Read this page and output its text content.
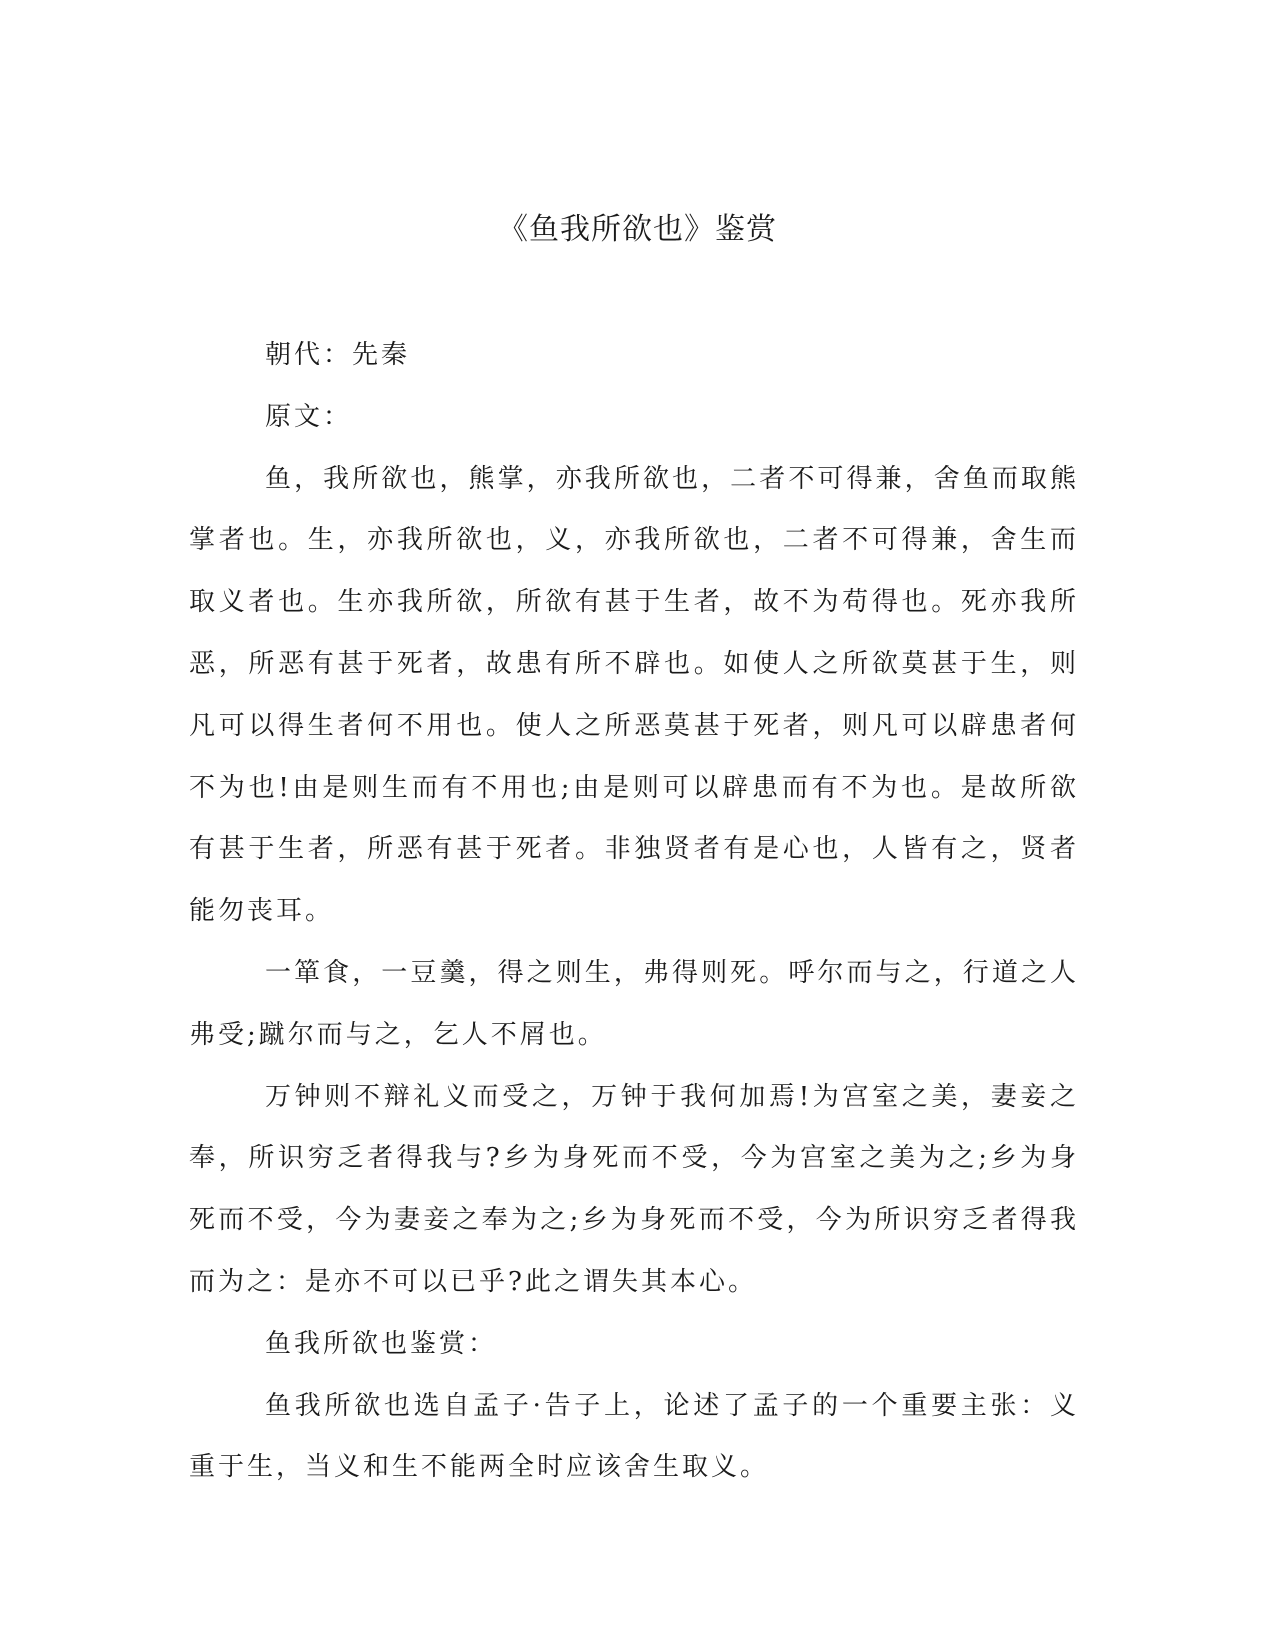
《鱼我所欲也》鉴赏

朝代：先秦

原文：

鱼，我所欲也，熊掌，亦我所欲也，二者不可得兼，舍鱼而取熊掌者也。生，亦我所欲也，义，亦我所欲也，二者不可得兼，舍生而取义者也。生亦我所欲，所欲有甚于生者，故不为苟得也。死亦我所恶，所恶有甚于死者，故患有所不辟也。如使人之所欲莫甚于生，则凡可以得生者何不用也。使人之所恶莫甚于死者，则凡可以辟患者何不为也!由是则生而有不用也;由是则可以辟患而有不为也。是故所欲有甚于生者，所恶有甚于死者。非独贤者有是心也，人皆有之，贤者能勿丧耳。

一箪食，一豆羹，得之则生，弗得则死。呼尔而与之，行道之人弗受;蹴尔而与之，乞人不屑也。

万钟则不辩礼义而受之，万钟于我何加焉!为宫室之美，妻妾之奉，所识穷乏者得我与?乡为身死而不受，今为宫室之美为之;乡为身死而不受，今为妻妾之奉为之;乡为身死而不受，今为所识穷乏者得我而为之：是亦不可以已乎?此之谓失其本心。

鱼我所欲也鉴赏：

鱼我所欲也选自孟子·告子上，论述了孟子的一个重要主张：义重于生，当义和生不能两全时应该舍生取义。
